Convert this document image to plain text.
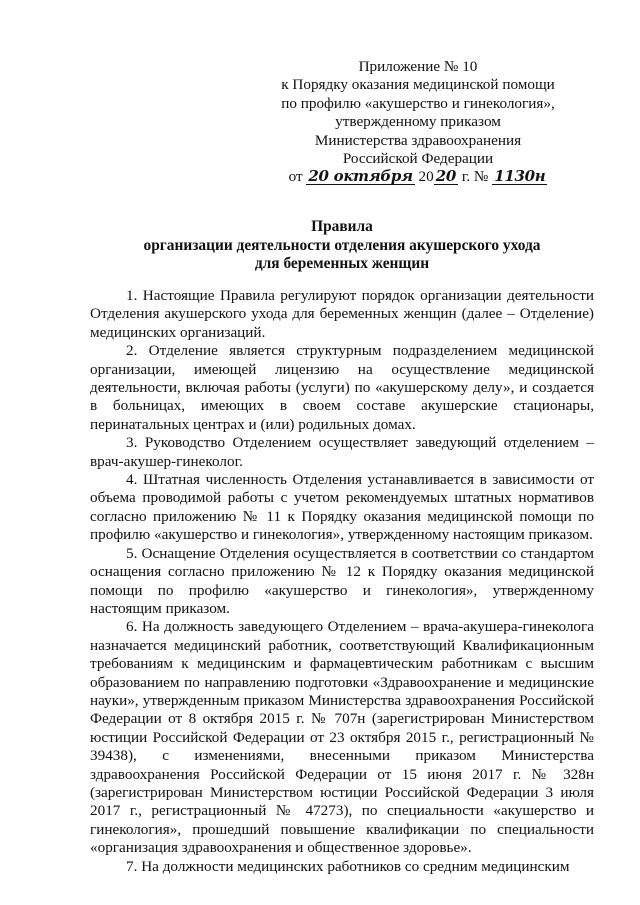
Приложение № 10
к Порядку оказания медицинской помощи
по профилю «акушерство и гинекология»,
утвержденному приказом
Министерства здравоохранения
Российской Федерации
от 20 октября 20 20 г. № 1130н
Правила
организации деятельности отделения акушерского ухода
для беременных женщин

1. Настоящие Правила регулируют порядок организации деятельности Отделения акушерского ухода для беременных женщин (далее – Отделение) медицинских организаций.

2. Отделение является структурным подразделением медицинской организации, имеющей лицензию на осуществление медицинской деятельности, включая работы (услуги) по «акушерскому делу», и создается в больницах, имеющих в своем составе акушерские стационары, перинатальных центрах и (или) родильных домах.

3. Руководство Отделением осуществляет заведующий отделением – врач-акушер-гинеколог.

4. Штатная численность Отделения устанавливается в зависимости от объема проводимой работы с учетом рекомендуемых штатных нормативов согласно приложению № 11 к Порядку оказания медицинской помощи по профилю «акушерство и гинекология», утвержденному настоящим приказом.

5. Оснащение Отделения осуществляется в соответствии со стандартом оснащения согласно приложению № 12 к Порядку оказания медицинской помощи по профилю «акушерство и гинекология», утвержденному настоящим приказом.

6. На должность заведующего Отделением – врача-акушера-гинеколога назначается медицинский работник, соответствующий Квалификационным требованиям к медицинским и фармацевтическим работникам с высшим образованием по направлению подготовки «Здравоохранение и медицинские науки», утвержденным приказом Министерства здравоохранения Российской Федерации от 8 октября 2015 г. № 707н (зарегистрирован Министерством юстиции Российской Федерации от 23 октября 2015 г., регистрационный № 39438), с изменениями, внесенными приказом Министерства здравоохранения Российской Федерации от 15 июня 2017 г. № 328н (зарегистрирован Министерством юстиции Российской Федерации 3 июля 2017 г., регистрационный № 47273), по специальности «акушерство и гинекология», прошедший повышение квалификации по специальности «организация здравоохранения и общественное здоровье».

7. На должности медицинских работников со средним медицинским
